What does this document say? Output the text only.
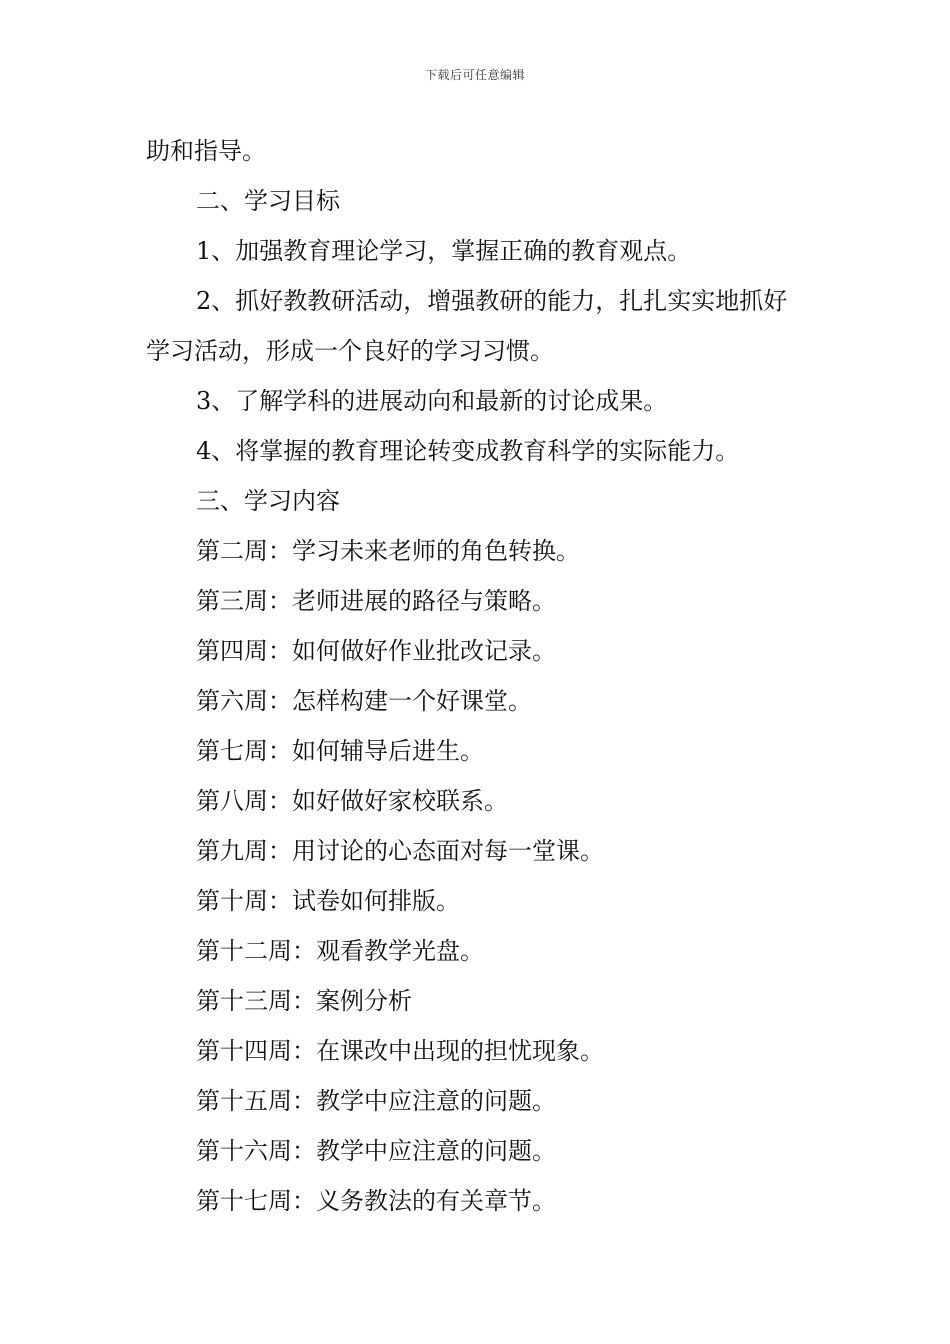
下载后可任意编辑

助和指导。

二、学习目标

1、加强教育理论学习，掌握正确的教育观点。

2、抓好教教研活动，增强教研的能力，扎扎实实地抓好学习活动，形成一个良好的学习习惯。

3、了解学科的进展动向和最新的讨论成果。

4、将掌握的教育理论转变成教育科学的实际能力。

三、学习内容

第二周：学习未来老师的角色转换。

第三周：老师进展的路径与策略。

第四周：如何做好作业批改记录。

第六周：怎样构建一个好课堂。

第七周：如何辅导后进生。

第八周：如好做好家校联系。

第九周：用讨论的心态面对每一堂课。

第十周：试卷如何排版。

第十二周：观看教学光盘。

第十三周：案例分析

第十四周：在课改中出现的担忧现象。

第十五周：教学中应注意的问题。

第十六周：教学中应注意的问题。

第十七周：义务教法的有关章节。
